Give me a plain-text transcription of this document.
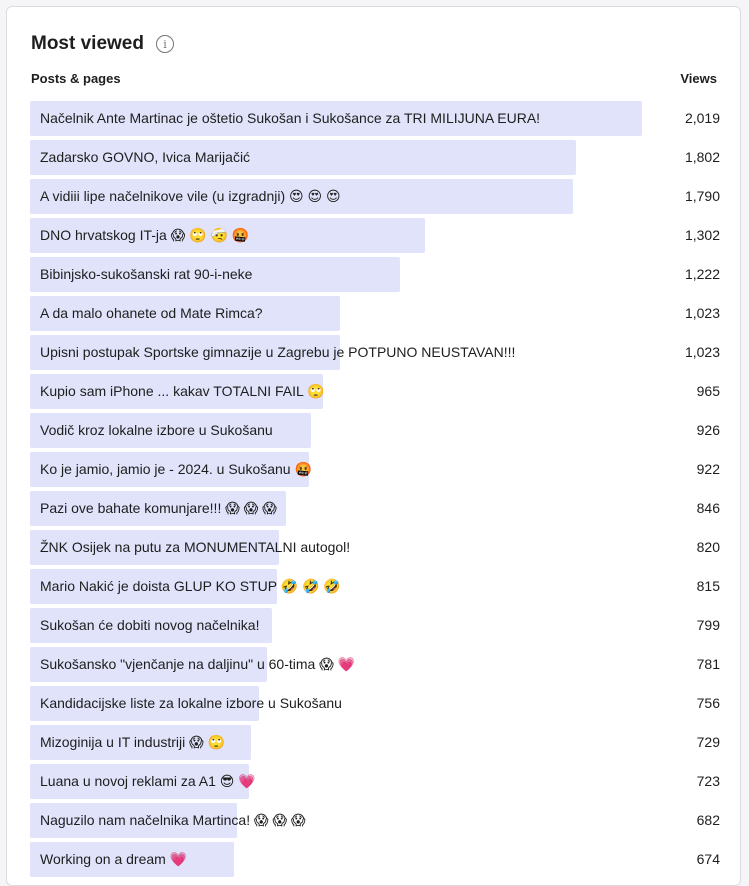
Most viewed	i
Posts & pages	Views
Načelnik Ante Martinac je oštetio Sukošan i Sukošance za TRI MILIJUNA EURA!	2,019
Zadarsko GOVNO, Ivica Marijačić	1,802
A vidiii lipe načelnikove vile (u izgradnji) 😍 😍 😍	1,790
DNO hrvatskog IT-ja 😱 🙄 🤕 🤬	1,302
Bibinjsko-sukošanski rat 90-i-neke	1,222
A da malo ohanete od Mate Rimca?	1,023
Upisni postupak Sportske gimnazije u Zagrebu je POTPUNO NEUSTAVAN!!!	1,023
Kupio sam iPhone ... kakav TOTALNI FAIL 🙄	965
Vodič kroz lokalne izbore u Sukošanu	926
Ko je jamio, jamio je - 2024. u Sukošanu 🤬	922
Pazi ove bahate komunjare!!! 😱 😱 😱	846
ŽNK Osijek na putu za MONUMENTALNI autogol!	820
Mario Nakić je doista GLUP KO STUP 🤣 🤣 🤣	815
Sukošan će dobiti novog načelnika!	799
Sukošansko "vjenčanje na daljinu" u 60-tima 😱 💗	781
Kandidacijske liste za lokalne izbore u Sukošanu	756
Mizoginija u IT industriji 😱 🙄	729
Luana u novoj reklami za A1 😎 💗	723
Naguzilo nam načelnika Martinca! 😱 😱 😱	682
Working on a dream 💗	674
